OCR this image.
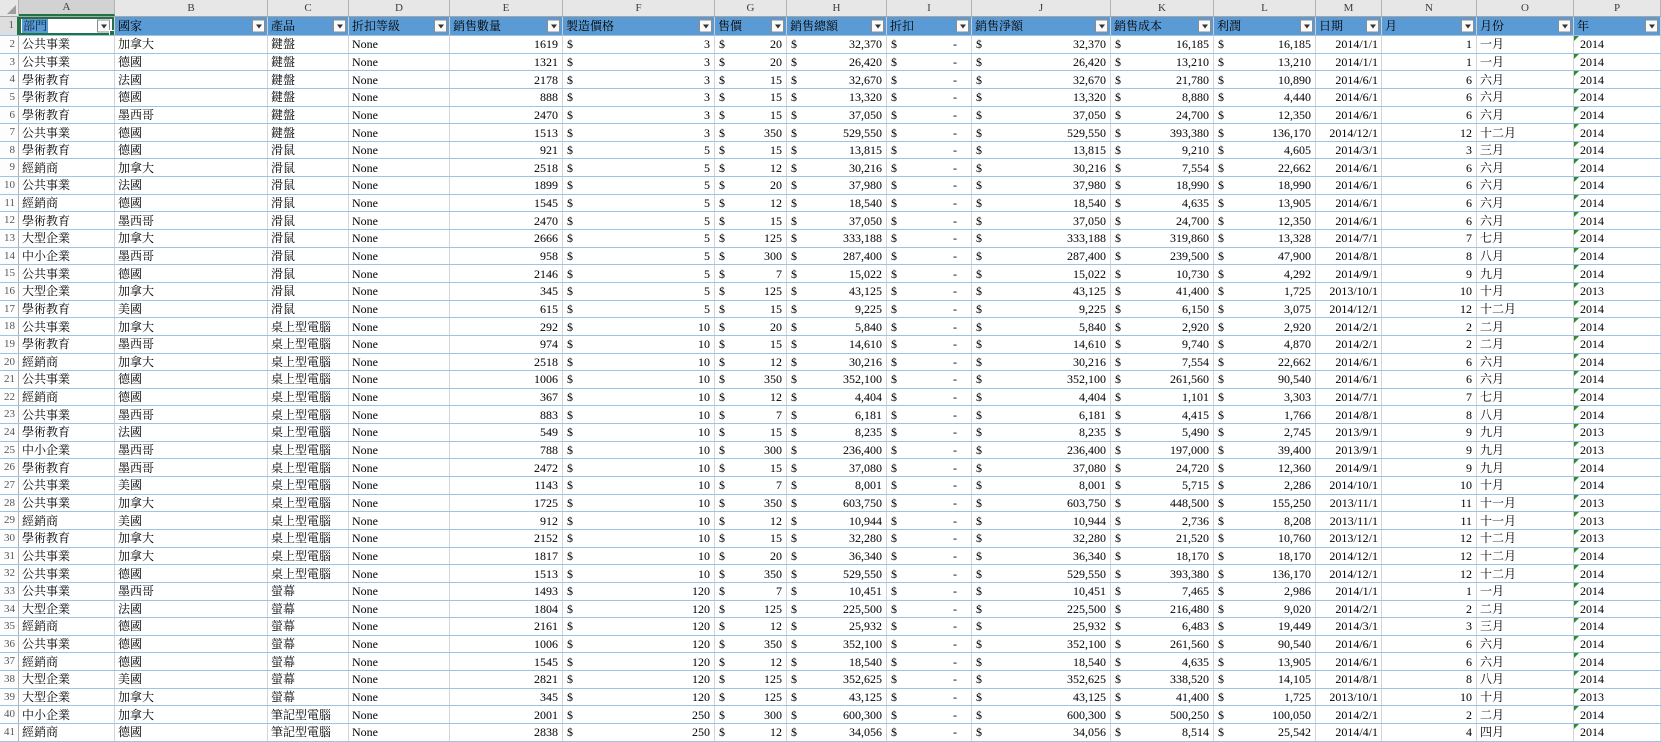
A	B	C	D	E	F	G	H	I	J	K	L	M	N	O	P
1 部門	國家	產品	折扣等級	銷售數量	製造價格	售價	銷售總額	折扣	銷售淨額	銷售成本	利潤	日期	月	月份	年
2 公共事業	加拿大	鍵盤	None	1619 $	3 $	20 $	32,370 $	-	$	32,370 $	16,185 $	16,185	2014/1/1	1 一月	2014
3 公共事業	德國	鍵盤	None	1321 $	3 $	20 $	26,420 $	-	$	26,420 $	13,210 $	13,210	2014/1/1	1 一月	2014
4 學術教育	法國	鍵盤	None	2178 $	3 $	15 $	32,670 $	-	$	32,670 $	21,780 $	10,890	2014/6/1	6 六月	2014
5 學術教育	德國	鍵盤	None	888 $	3 $	15 $	13,320 $	-	$	13,320 $	8,880 $	4,440	2014/6/1	6 六月	2014
6 學術教育	墨西哥	鍵盤	None	2470 $	3 $	15 $	37,050 $	-	$	37,050 $	24,700 $	12,350	2014/6/1	6 六月	2014
7 公共事業	德國	鍵盤	None	1513 $	3 $	350 $	529,550 $	-	$	529,550 $	393,380 $	136,170	2014/12/1	12 十二月	2014
8 學術教育	德國	滑鼠	None	921 $	5 $	15 $	13,815 $	-	$	13,815 $	9,210 $	4,605	2014/3/1	3 三月	2014
9 經銷商	加拿大	滑鼠	None	2518 $	5 $	12 $	30,216 $	-	$	30,216 $	7,554 $	22,662	2014/6/1	6 六月	2014
10 公共事業	法國	滑鼠	None	1899 $	5 $	20 $	37,980 $	-	$	37,980 $	18,990 $	18,990	2014/6/1	6 六月	2014
11 經銷商	德國	滑鼠	None	1545 $	5 $	12 $	18,540 $	-	$	18,540 $	4,635 $	13,905	2014/6/1	6 六月	2014
12 學術教育	墨西哥	滑鼠	None	2470 $	5 $	15 $	37,050 $	-	$	37,050 $	24,700 $	12,350	2014/6/1	6 六月	2014
13 大型企業	加拿大	滑鼠	None	2666 $	5 $	125 $	333,188 $	-	$	333,188 $	319,860 $	13,328	2014/7/1	7 七月	2014
14 中小企業	墨西哥	滑鼠	None	958 $	5 $	300 $	287,400 $	-	$	287,400 $	239,500 $	47,900	2014/8/1	8 八月	2014
15 公共事業	德國	滑鼠	None	2146 $	5 $	7 $	15,022 $	-	$	15,022 $	10,730 $	4,292	2014/9/1	9 九月	2014
16 大型企業	加拿大	滑鼠	None	345 $	5 $	125 $	43,125 $	-	$	43,125 $	41,400 $	1,725	2013/10/1	10 十月	2013
17 學術教育	美國	滑鼠	None	615 $	5 $	15 $	9,225 $	-	$	9,225 $	6,150 $	3,075	2014/12/1	12 十二月	2014
18 公共事業	加拿大	桌上型電腦 None	292 $	10 $	20 $	5,840 $	-	$	5,840 $	2,920 $	2,920	2014/2/1	2 二月	2014
19 學術教育	墨西哥	桌上型電腦 None	974 $	10 $	15 $	14,610 $	-	$	14,610 $	9,740 $	4,870	2014/2/1	2 二月	2014
20 經銷商	加拿大	桌上型電腦 None	2518 $	10 $	12 $	30,216 $	-	$	30,216 $	7,554 $	22,662	2014/6/1	6 六月	2014
21 公共事業	德國	桌上型電腦 None	1006 $	10 $	350 $	352,100 $	-	$	352,100 $	261,560 $	90,540	2014/6/1	6 六月	2014
22 經銷商	德國	桌上型電腦 None	367 $	10 $	12 $	4,404 $	-	$	4,404 $	1,101 $	3,303	2014/7/1	7 七月	2014
23 公共事業	墨西哥	桌上型電腦 None	883 $	10 $	7 $	6,181 $	-	$	6,181 $	4,415 $	1,766	2014/8/1	8 八月	2014
24 學術教育	法國	桌上型電腦 None	549 $	10 $	15 $	8,235 $	-	$	8,235 $	5,490 $	2,745	2013/9/1	9 九月	2013
25 中小企業	墨西哥	桌上型電腦 None	788 $	10 $	300 $	236,400 $	-	$	236,400 $	197,000 $	39,400	2013/9/1	9 九月	2013
26 學術教育	墨西哥	桌上型電腦 None	2472 $	10 $	15 $	37,080 $	-	$	37,080 $	24,720 $	12,360	2014/9/1	9 九月	2014
27 公共事業	美國	桌上型電腦 None	1143 $	10 $	7 $	8,001 $	-	$	8,001 $	5,715 $	2,286	2014/10/1	10 十月	2014
28 公共事業	加拿大	桌上型電腦 None	1725 $	10 $	350 $	603,750 $	-	$	603,750 $	448,500 $	155,250	2013/11/1	11 十一月	2013
29 經銷商	美國	桌上型電腦 None	912 $	10 $	12 $	10,944 $	-	$	10,944 $	2,736 $	8,208	2013/11/1	11 十一月	2013
30 學術教育	加拿大	桌上型電腦 None	2152 $	10 $	15 $	32,280 $	-	$	32,280 $	21,520 $	10,760	2013/12/1	12 十二月	2013
31 公共事業	加拿大	桌上型電腦 None	1817 $	10 $	20 $	36,340 $	-	$	36,340 $	18,170 $	18,170	2014/12/1	12 十二月	2014
32 公共事業	德國	桌上型電腦 None	1513 $	10 $	350 $	529,550 $	-	$	529,550 $	393,380 $	136,170	2014/12/1	12 十二月	2014
33 公共事業	墨西哥	螢幕	None	1493 $	120 $	7 $	10,451 $	-	$	10,451 $	7,465 $	2,986	2014/1/1	1 一月	2014
34 大型企業	法國	螢幕	None	1804 $	120 $	125 $	225,500 $	-	$	225,500 $	216,480 $	9,020	2014/2/1	2 二月	2014
35 經銷商	德國	螢幕	None	2161 $	120 $	12 $	25,932 $	-	$	25,932 $	6,483 $	19,449	2014/3/1	3 三月	2014
36 公共事業	德國	螢幕	None	1006 $	120 $	350 $	352,100 $	-	$	352,100 $	261,560 $	90,540	2014/6/1	6 六月	2014
37 經銷商	德國	螢幕	None	1545 $	120 $	12 $	18,540 $	-	$	18,540 $	4,635 $	13,905	2014/6/1	6 六月	2014
38 大型企業	美國	螢幕	None	2821 $	120 $	125 $	352,625 $	-	$	352,625 $	338,520 $	14,105	2014/8/1	8 八月	2014
39 大型企業	加拿大	螢幕	None	345 $	120 $	125 $	43,125 $	-	$	43,125 $	41,400 $	1,725	2013/10/1	10 十月	2013
40 中小企業	加拿大	筆記型電腦 None	2001 $	250 $	300 $	600,300 $	-	$	600,300 $	500,250 $	100,050	2014/2/1	2 二月	2014
41 經銷商	德國	筆記型電腦 None	2838 $	250 $	12 $	34,056 $	-	$	34,056 $	8,514 $	25,542	2014/4/1	4 四月	2014
